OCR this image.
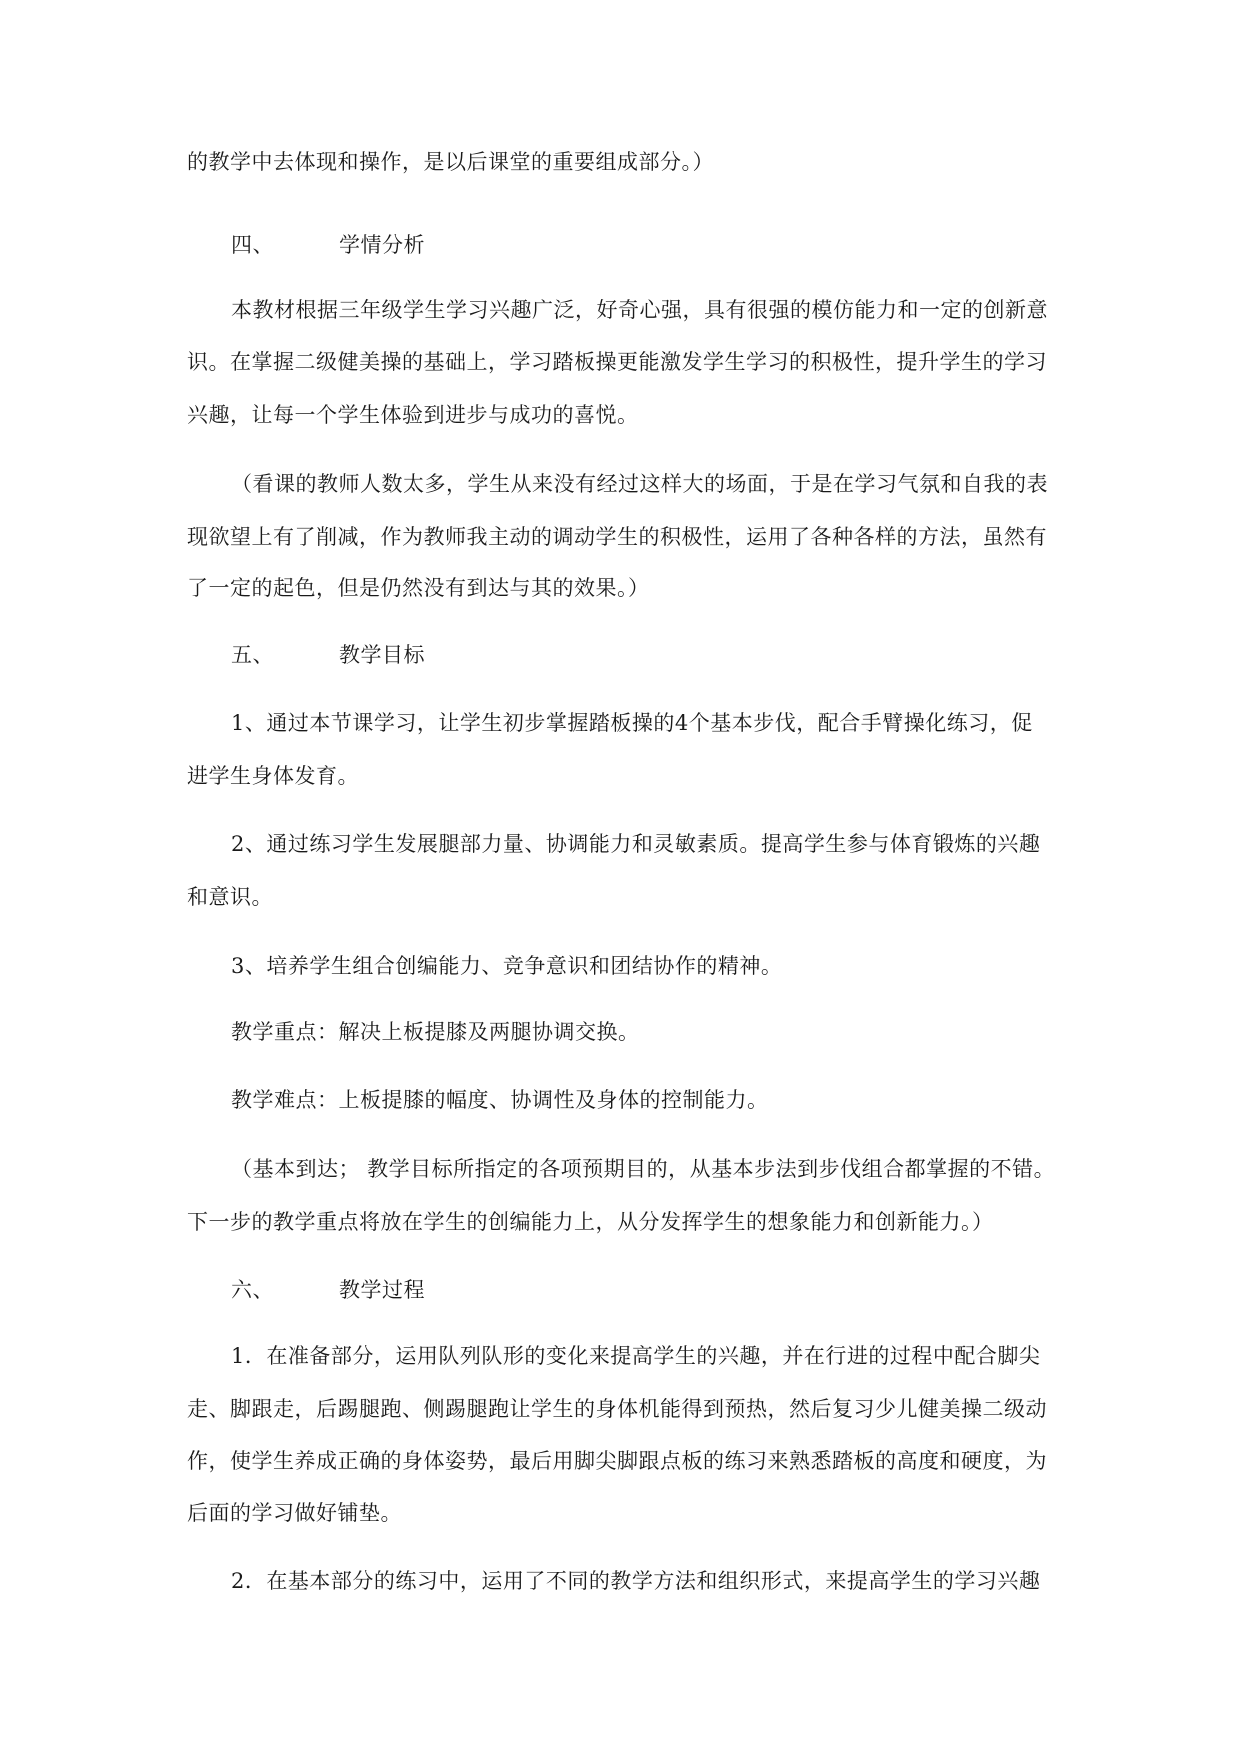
的教学中去体现和操作，是以后课堂的重要组成部分。）
四、	学情分析
本教材根据三年级学生学习兴趣广泛，好奇心强，具有很强的模仿能力和一定的创新意
识。在掌握二级健美操的基础上，学习踏板操更能激发学生学习的积极性，提升学生的学习
兴趣，让每一个学生体验到进步与成功的喜悦。
（看课的教师人数太多，学生从来没有经过这样大的场面，于是在学习气氛和自我的表
现欲望上有了削减，作为教师我主动的调动学生的积极性，运用了各种各样的方法，虽然有
了一定的起色，但是仍然没有到达与其的效果。）
五、	教学目标
1、通过本节课学习，让学生初步掌握踏板操的4个基本步伐，配合手臂操化练习，促
进学生身体发育。
2、通过练习学生发展腿部力量、协调能力和灵敏素质。提高学生参与体育锻炼的兴趣
和意识。
3、培养学生组合创编能力、竞争意识和团结协作的精神。
教学重点：解决上板提膝及两腿协调交换。
教学难点：上板提膝的幅度、协调性及身体的控制能力。
（基本到达； 教学目标所指定的各项预期目的，从基本步法到步伐组合都掌握的不错。
下一步的教学重点将放在学生的创编能力上，从分发挥学生的想象能力和创新能力。）
六、	教学过程
1．在准备部分，运用队列队形的变化来提高学生的兴趣，并在行进的过程中配合脚尖
走、脚跟走，后踢腿跑、侧踢腿跑让学生的身体机能得到预热，然后复习少儿健美操二级动
作，使学生养成正确的身体姿势，最后用脚尖脚跟点板的练习来熟悉踏板的高度和硬度，为
后面的学习做好铺垫。
2．在基本部分的练习中，运用了不同的教学方法和组织形式，来提高学生的学习兴趣
